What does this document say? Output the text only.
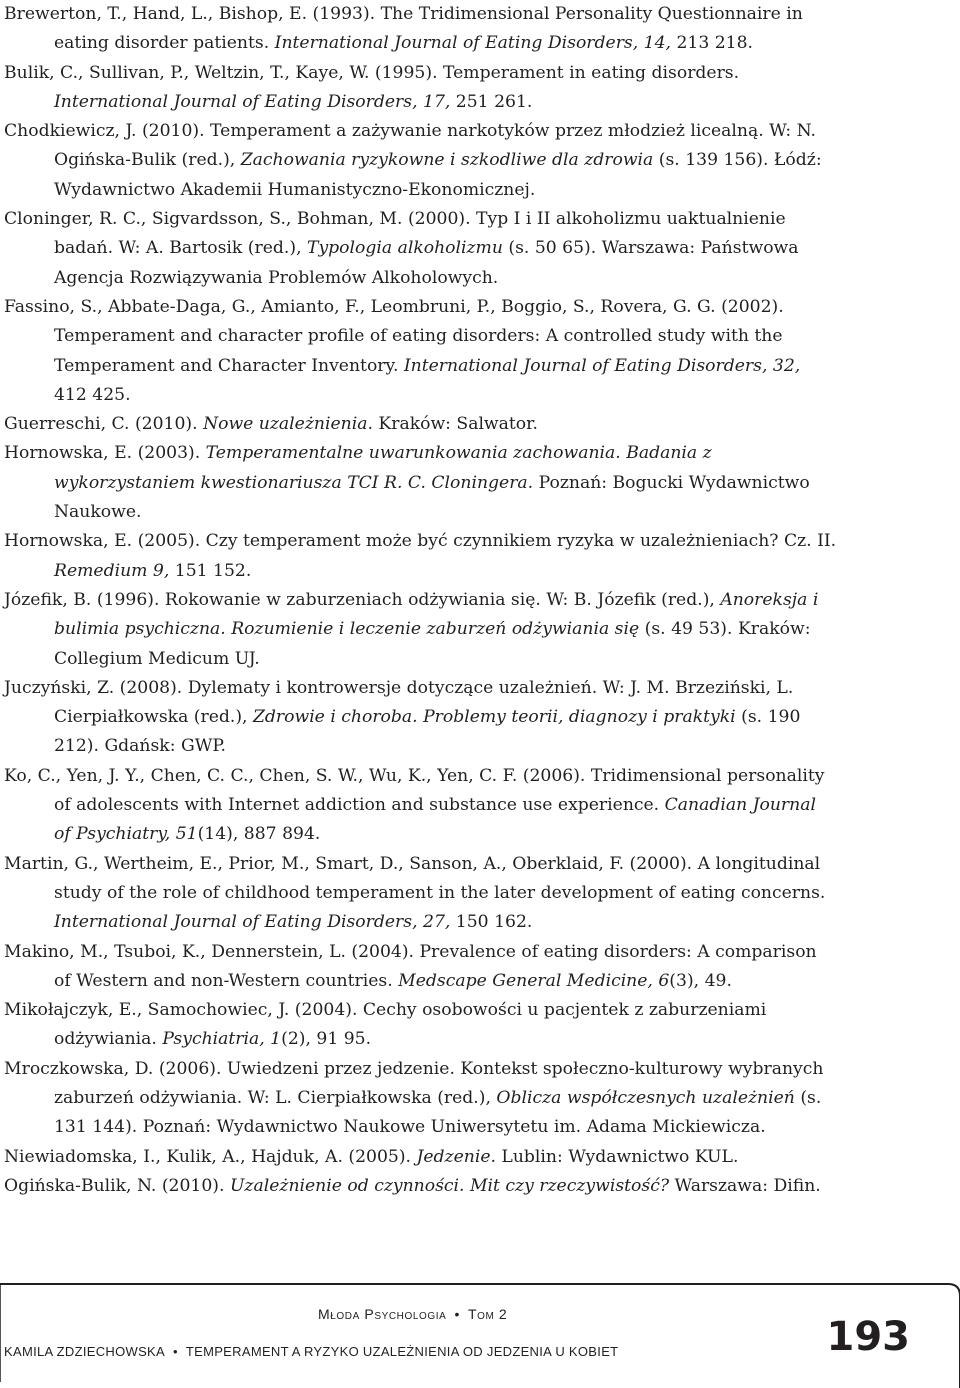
Brewerton, T., Hand, L., Bishop, E. (1993). The Tridimensional Personality Questionnaire in eating disorder patients. International Journal of Eating Disorders, 14, 213 218.

Bulik, C., Sullivan, P., Weltzin, T., Kaye, W. (1995). Temperament in eating disorders. International Journal of Eating Disorders, 17, 251 261.

Chodkiewicz, J. (2010). Temperament a zażywanie narkotyków przez młodzież licealną. W: N. Ogińska-Bulik (red.), Zachowania ryzykowne i szkodliwe dla zdrowia (s. 139 156). Łódź: Wydawnictwo Akademii Humanistyczno-Ekonomicznej.

Cloninger, R. C., Sigvardsson, S., Bohman, M. (2000). Typ I i II alkoholizmu uaktualnienie badań. W: A. Bartosik (red.), Typologia alkoholizmu (s. 50 65). Warszawa: Państwowa Agencja Rozwiązywania Problemów Alkoholowych.

Fassino, S., Abbate-Daga, G., Amianto, F., Leombruni, P., Boggio, S., Rovera, G. G. (2002). Temperament and character profile of eating disorders: A controlled study with the Temperament and Character Inventory. International Journal of Eating Disorders, 32, 412 425.

Guerreschi, C. (2010). Nowe uzależnienia. Kraków: Salwator.

Hornowska, E. (2003). Temperamentalne uwarunkowania zachowania. Badania z wykorzystaniem kwestionariusza TCI R. C. Cloningera. Poznań: Bogucki Wydawnictwo Naukowe.

Hornowska, E. (2005). Czy temperament może być czynnikiem ryzyka w uzależnieniach? Cz. II. Remedium 9, 151 152.

Józefik, B. (1996). Rokowanie w zaburzeniach odżywiania się. W: B. Józefik (red.), Anoreksja i bulimia psychiczna. Rozumienie i leczenie zaburzeń odżywiania się (s. 49 53). Kraków: Collegium Medicum UJ.

Juczyński, Z. (2008). Dylematy i kontrowersje dotyczące uzależnień. W: J. M. Brzeziński, L. Cierpiałkowska (red.), Zdrowie i choroba. Problemy teorii, diagnozy i praktyki (s. 190 212). Gdańsk: GWP.

Ko, C., Yen, J. Y., Chen, C. C., Chen, S. W., Wu, K., Yen, C. F. (2006). Tridimensional personality of adolescents with Internet addiction and substance use experience. Canadian Journal of Psychiatry, 51(14), 887 894.

Martin, G., Wertheim, E., Prior, M., Smart, D., Sanson, A., Oberklaid, F. (2000). A longitudinal study of the role of childhood temperament in the later development of eating concerns. International Journal of Eating Disorders, 27, 150 162.

Makino, M., Tsuboi, K., Dennerstein, L. (2004). Prevalence of eating disorders: A comparison of Western and non-Western countries. Medscape General Medicine, 6(3), 49.

Mikołajczyk, E., Samochowiec, J. (2004). Cechy osobowości u pacjentek z zaburzeniami odżywiania. Psychiatria, 1(2), 91 95.

Mroczkowska, D. (2006). Uwiedzeni przez jedzenie. Kontekst społeczno-kulturowy wybranych zaburzeń odżywiania. W: L. Cierpiałkowska (red.), Oblicza współczesnych uzależnień (s. 131 144). Poznań: Wydawnictwo Naukowe Uniwersytetu im. Adama Mickiewicza.

Niewiadomska, I., Kulik, A., Hajduk, A. (2005). Jedzenie. Lublin: Wydawnictwo KUL.

Ogińska-Bulik, N. (2010). Uzależnienie od czynności. Mit czy rzeczywistość? Warszawa: Difin.

Młoda Psychologia • Tom 2
KAMILA ZDZIECHOWSKA • TEMPERAMENT A RYZYKO UZALEŻNIENIA OD JEDZENIA U KOBIET	193
